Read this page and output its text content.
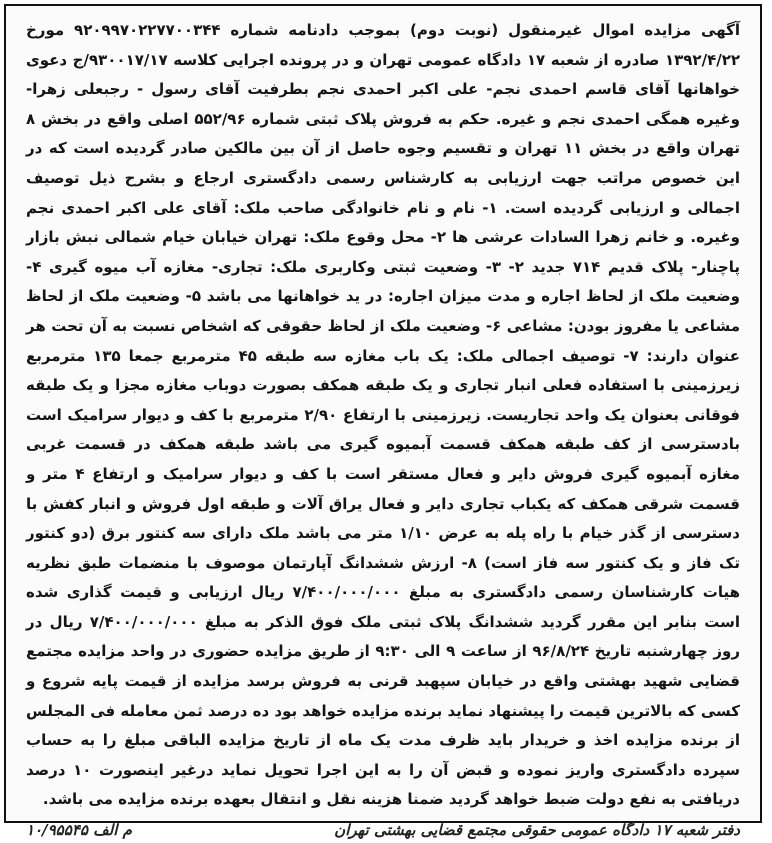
آگهی مزایده اموال غیرمنقول (نوبت دوم) بموجب دادنامه شماره ۹۲۰۹۹۷۰۲۲۷۷۰۰۳۴۴ مورخ ۱۳۹۲/۴/۲۲ صادره از شعبه ۱۷ دادگاه عمومی تهران و در پرونده اجرایی کلاسه ۹۳۰۰۱۷/۱۷/ج دعوی خواهانها آقای قاسم احمدی نجم- علی اکبر احمدی نجم بطرفیت آقای رسول - رجبعلی زهرا- وغیره همگی احمدی نجم و غیره. حکم به فروش پلاک ثبتی شماره ۵۵۲/۹۶ اصلی واقع در بخش ۸ تهران واقع در بخش ۱۱ تهران و تقسیم وجوه حاصل از آن بین مالکین صادر گردیده است که در این خصوص مراتب جهت ارزیابی به کارشناس رسمی دادگستری ارجاع و بشرح ذیل توصیف اجمالی و ارزیابی گردیده است. ۱- نام و نام خانوادگی صاحب ملک: آقای علی اکبر احمدی نجم وغیره. و خانم زهرا السادات عرشی ها ۲- محل وقوع ملک: تهران خیابان خیام شمالی نبش بازار پاچنار- پلاک قدیم ۷۱۴ جدید ۲- ۳- وضعیت ثبتی وکاربری ملک: تجاری- مغازه آب میوه گیری ۴- وضعیت ملک از لحاظ اجاره و مدت میزان اجاره: در ید خواهانها می باشد ۵- وضعیت ملک از لحاظ مشاعی یا مفروز بودن: مشاعی ۶- وضعیت ملک از لحاظ حقوقی که اشخاص نسبت به آن تحت هر عنوان دارند: ۷- توصیف اجمالی ملک: یک باب مغازه سه طبقه ۴۵ مترمربع جمعا ۱۳۵ مترمربع زیرزمینی با استفاده فعلی انبار تجاری و یک طبقه همکف بصورت دوباب مغازه مجزا و یک طبقه فوقانی بعنوان یک واحد تجاریست. زیرزمینی با ارتفاع ۲/۹۰ مترمربع با کف و دیوار سرامیک است بادسترسی از کف طبقه همکف قسمت آبمیوه گیری می باشد طبقه همکف در قسمت غربی مغازه آبمیوه گیری فروش دایر و فعال مستقر است با کف و دیوار سرامیک و ارتفاع ۴ متر و قسمت شرقی همکف که یکباب تجاری دایر و فعال یراق آلات و طبقه اول فروش و انبار کفش با دسترسی از گذر خیام با راه پله به عرض ۱/۱۰ متر می باشد ملک دارای سه کنتور برق (دو کنتور تک فاز و یک کنتور سه فاز است) ۸- ارزش ششدانگ آپارتمان موصوف با منضمات طبق نظریه هیات کارشناسان رسمی دادگستری به مبلغ ۷/۴۰۰/۰۰۰/۰۰۰ ریال ارزیابی و قیمت گذاری شده است بنابر این مقرر گردید ششدانگ پلاک ثبتی ملک فوق الذکر به مبلغ ۷/۴۰۰/۰۰۰/۰۰۰ ریال در روز چهارشنبه تاریخ ۹۶/۸/۲۴ از ساعت ۹ الی ۹:۳۰ از طریق مزایده حضوری در واحد مزایده مجتمع قضایی شهید بهشتی واقع در خیابان سپهبد قرنی به فروش برسد مزایده از قیمت پایه شروع و کسی که بالاترین قیمت را پیشنهاد نماید برنده مزایده خواهد بود ده درصد ثمن معامله فی المجلس از برنده مزایده اخذ و خریدار باید ظرف مدت یک ماه از تاریخ مزایده الباقی مبلغ را به حساب سپرده دادگستری واریز نموده و قبض آن را به این اجرا تحویل نماید درغیر اینصورت ۱۰ درصد دریافتی به نفع دولت ضبط خواهد گردید ضمنا هزینه نقل و انتقال بعهده برنده مزایده می باشد.

دفتر شعبه ۱۷ دادگاه عمومی حقوقی مجتمع قضایی بهشتی تهران
۱۰/۹۵۵۴۵ م الف
